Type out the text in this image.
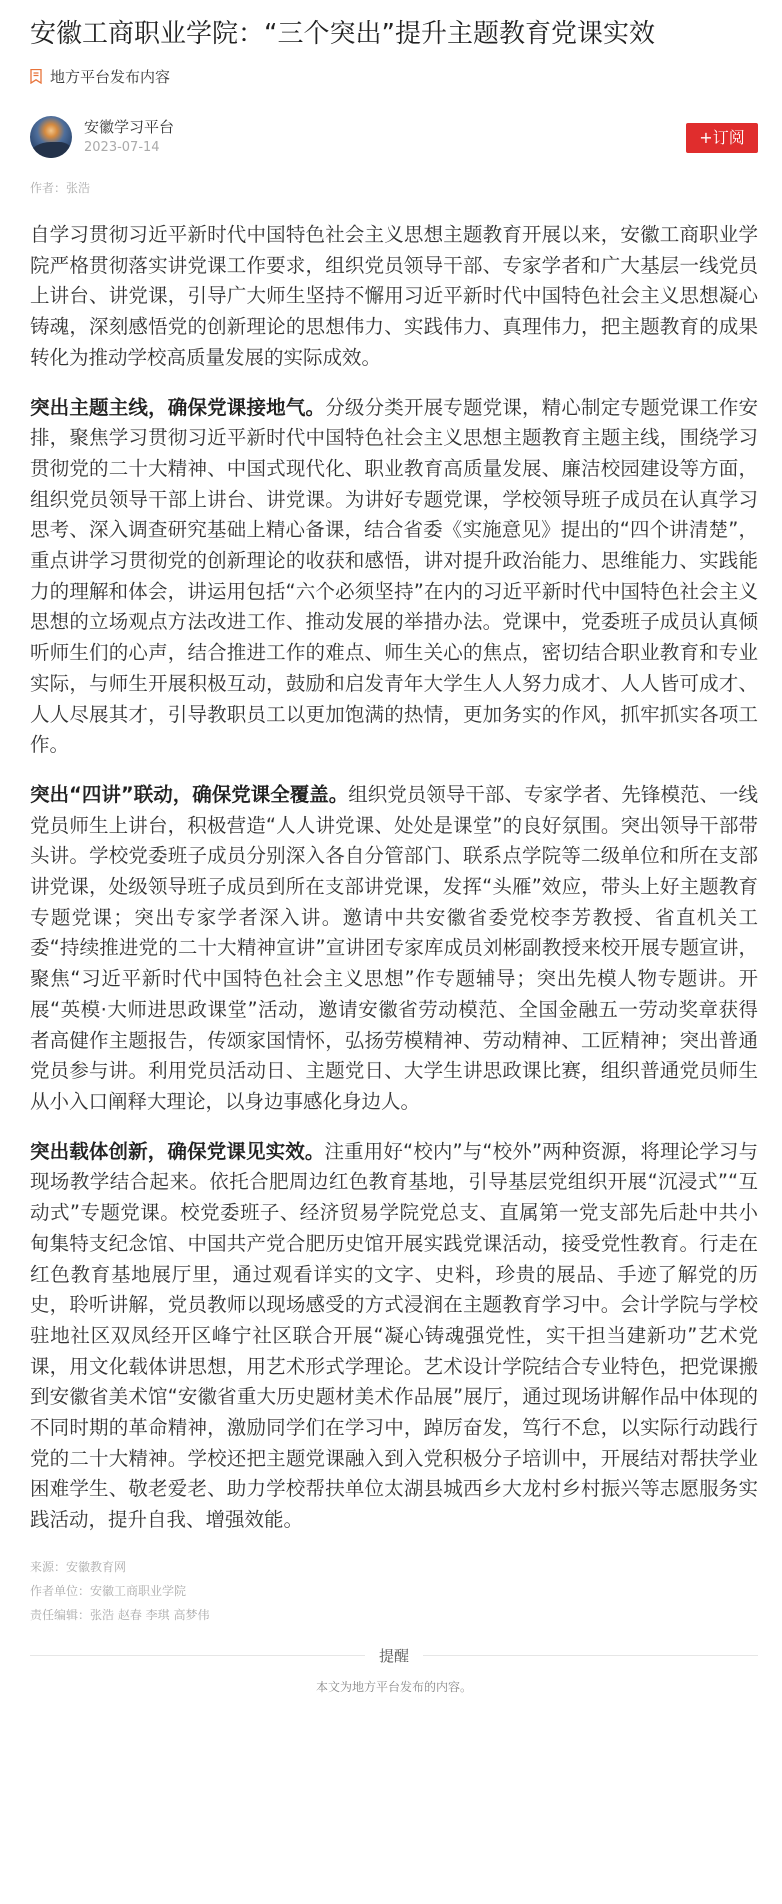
安徽工商职业学院：“三个突出”提升主题教育党课实效
地方平台发布内容
安徽学习平台
2023-07-14
+订阅
作者：张浩

自学习贯彻习近平新时代中国特色社会主义思想主题教育开展以来，安徽工商职业学院严格贯彻落实讲党课工作要求，组织党员领导干部、专家学者和广大基层一线党员上讲台、讲党课，引导广大师生坚持不懈用习近平新时代中国特色社会主义思想凝心铸魂，深刻感悟党的创新理论的思想伟力、实践伟力、真理伟力，把主题教育的成果转化为推动学校高质量发展的实际成效。

突出主题主线，确保党课接地气。分级分类开展专题党课，精心制定专题党课工作安排，聚焦学习贯彻习近平新时代中国特色社会主义思想主题教育主题主线，围绕学习贯彻党的二十大精神、中国式现代化、职业教育高质量发展、廉洁校园建设等方面，组织党员领导干部上讲台、讲党课。为讲好专题党课，学校领导班子成员在认真学习思考、深入调查研究基础上精心备课，结合省委《实施意见》提出的“四个讲清楚”，重点讲学习贯彻党的创新理论的收获和感悟，讲对提升政治能力、思维能力、实践能力的理解和体会，讲运用包括“六个必须坚持”在内的习近平新时代中国特色社会主义思想的立场观点方法改进工作、推动发展的举措办法。党课中，党委班子成员认真倾听师生们的心声，结合推进工作的难点、师生关心的焦点，密切结合职业教育和专业实际，与师生开展积极互动，鼓励和启发青年大学生人人努力成才、人人皆可成才、人人尽展其才，引导教职员工以更加饱满的热情，更加务实的作风，抓牢抓实各项工作。

突出“四讲”联动，确保党课全覆盖。组织党员领导干部、专家学者、先锋模范、一线党员师生上讲台，积极营造“人人讲党课、处处是课堂”的良好氛围。突出领导干部带头讲。学校党委班子成员分别深入各自分管部门、联系点学院等二级单位和所在支部讲党课，处级领导班子成员到所在支部讲党课，发挥“头雁”效应，带头上好主题教育专题党课；突出专家学者深入讲。邀请中共安徽省委党校李芳教授、省直机关工委“持续推进党的二十大精神宣讲”宣讲团专家库成员刘彬副教授来校开展专题宣讲，聚焦“习近平新时代中国特色社会主义思想”作专题辅导；突出先模人物专题讲。开展“英模·大师进思政课堂”活动，邀请安徽省劳动模范、全国金融五一劳动奖章获得者高健作主题报告，传颂家国情怀，弘扬劳模精神、劳动精神、工匠精神；突出普通党员参与讲。利用党员活动日、主题党日、大学生讲思政课比赛，组织普通党员师生从小入口阐释大理论，以身边事感化身边人。

突出载体创新，确保党课见实效。注重用好“校内”与“校外”两种资源，将理论学习与现场教学结合起来。依托合肥周边红色教育基地，引导基层党组织开展“沉浸式”“互动式”专题党课。校党委班子、经济贸易学院党总支、直属第一党支部先后赴中共小甸集特支纪念馆、中国共产党合肥历史馆开展实践党课活动，接受党性教育。行走在红色教育基地展厅里，通过观看详实的文字、史料，珍贵的展品、手迹了解党的历史，聆听讲解，党员教师以现场感受的方式浸润在主题教育学习中。会计学院与学校驻地社区双凤经开区峰宁社区联合开展“凝心铸魂强党性，实干担当建新功”艺术党课，用文化载体讲思想，用艺术形式学理论。艺术设计学院结合专业特色，把党课搬到安徽省美术馆“安徽省重大历史题材美术作品展”展厅，通过现场讲解作品中体现的不同时期的革命精神，激励同学们在学习中，踔厉奋发，笃行不怠，以实际行动践行党的二十大精神。学校还把主题党课融入到入党积极分子培训中，开展结对帮扶学业困难学生、敬老爱老、助力学校帮扶单位太湖县城西乡大龙村乡村振兴等志愿服务实践活动，提升自我、增强效能。

来源：安徽教育网
作者单位：安徽工商职业学院
责任编辑：张浩 赵春 李琪 高梦伟
提醒
本文为地方平台发布的内容。
